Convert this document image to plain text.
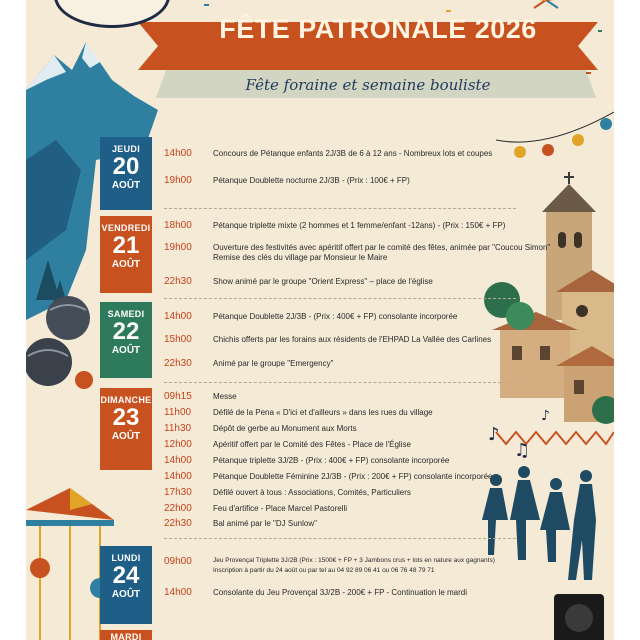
♪
♫
♪
FÊTE PATRONALE 2026
Fête foraine et semaine bouliste
JEUDI
20
AOÛT
14h00	Concours de Pétanque enfants 2J/3B de 6 à 12 ans - Nombreux lots et coupes
19h00	Pétanque Doublette nocturne 2J/3B - (Prix : 100€ + FP)
VENDREDI
21
AOÛT
18h00	Pétanque triplette mixte (2 hommes et 1 femme/enfant -12ans) - (Prix : 150€ + FP)
19h00	Ouverture des festivités avec apéritif offert par le comité des fêtes, animée par "Coucou Simon"
Remise des clés du village par Monsieur le Maire
22h30	Show animé par le groupe "Orient Express" – place de l'église
SAMEDI
22
AOÛT
14h00	Pétanque Doublette 2J/3B - (Prix : 400€ + FP) consolante incorporée
15h00	Chichis offerts par les forains aux résidents de l'EHPAD La Vallée des Carlines
22h30	Animé par le groupe "Emergency"
DIMANCHE
23
AOÛT
09h15	Messe
11h00	Défilé de la Pena « D'ici et d'ailleurs » dans les rues du village
11h30	Dépôt de gerbe au Monument aux Morts
12h00	Apéritif offert par le Comité des Fêtes - Place de l'Église
14h00	Pétanque triplette 3J/2B - (Prix : 400€ + FP) consolante incorporée
14h00	Pétanque Doublette Féminine 2J/3B - (Prix : 200€ + FP) consolante incorporée
17h30	Défilé ouvert à tous : Associations, Comités, Particuliers
22h00	Feu d'artifice - Place Marcel Pastorelli
22h30	Bal animé par le "DJ Sunlow"
LUNDI
24
AOÛT
09h00	Jeu Provençal Triplette 3J/2B (Prix : 1500€ + FP + 3 Jambons crus + lots en nature aux gagnants)
Inscription à partir du 24 août ou par tel au 04 92 89 06 41 ou 06 76 48 79 71
14h00	Consolante du Jeu Provençal 3J/2B - 200€ + FP - Continuation le mardi
MARDI
